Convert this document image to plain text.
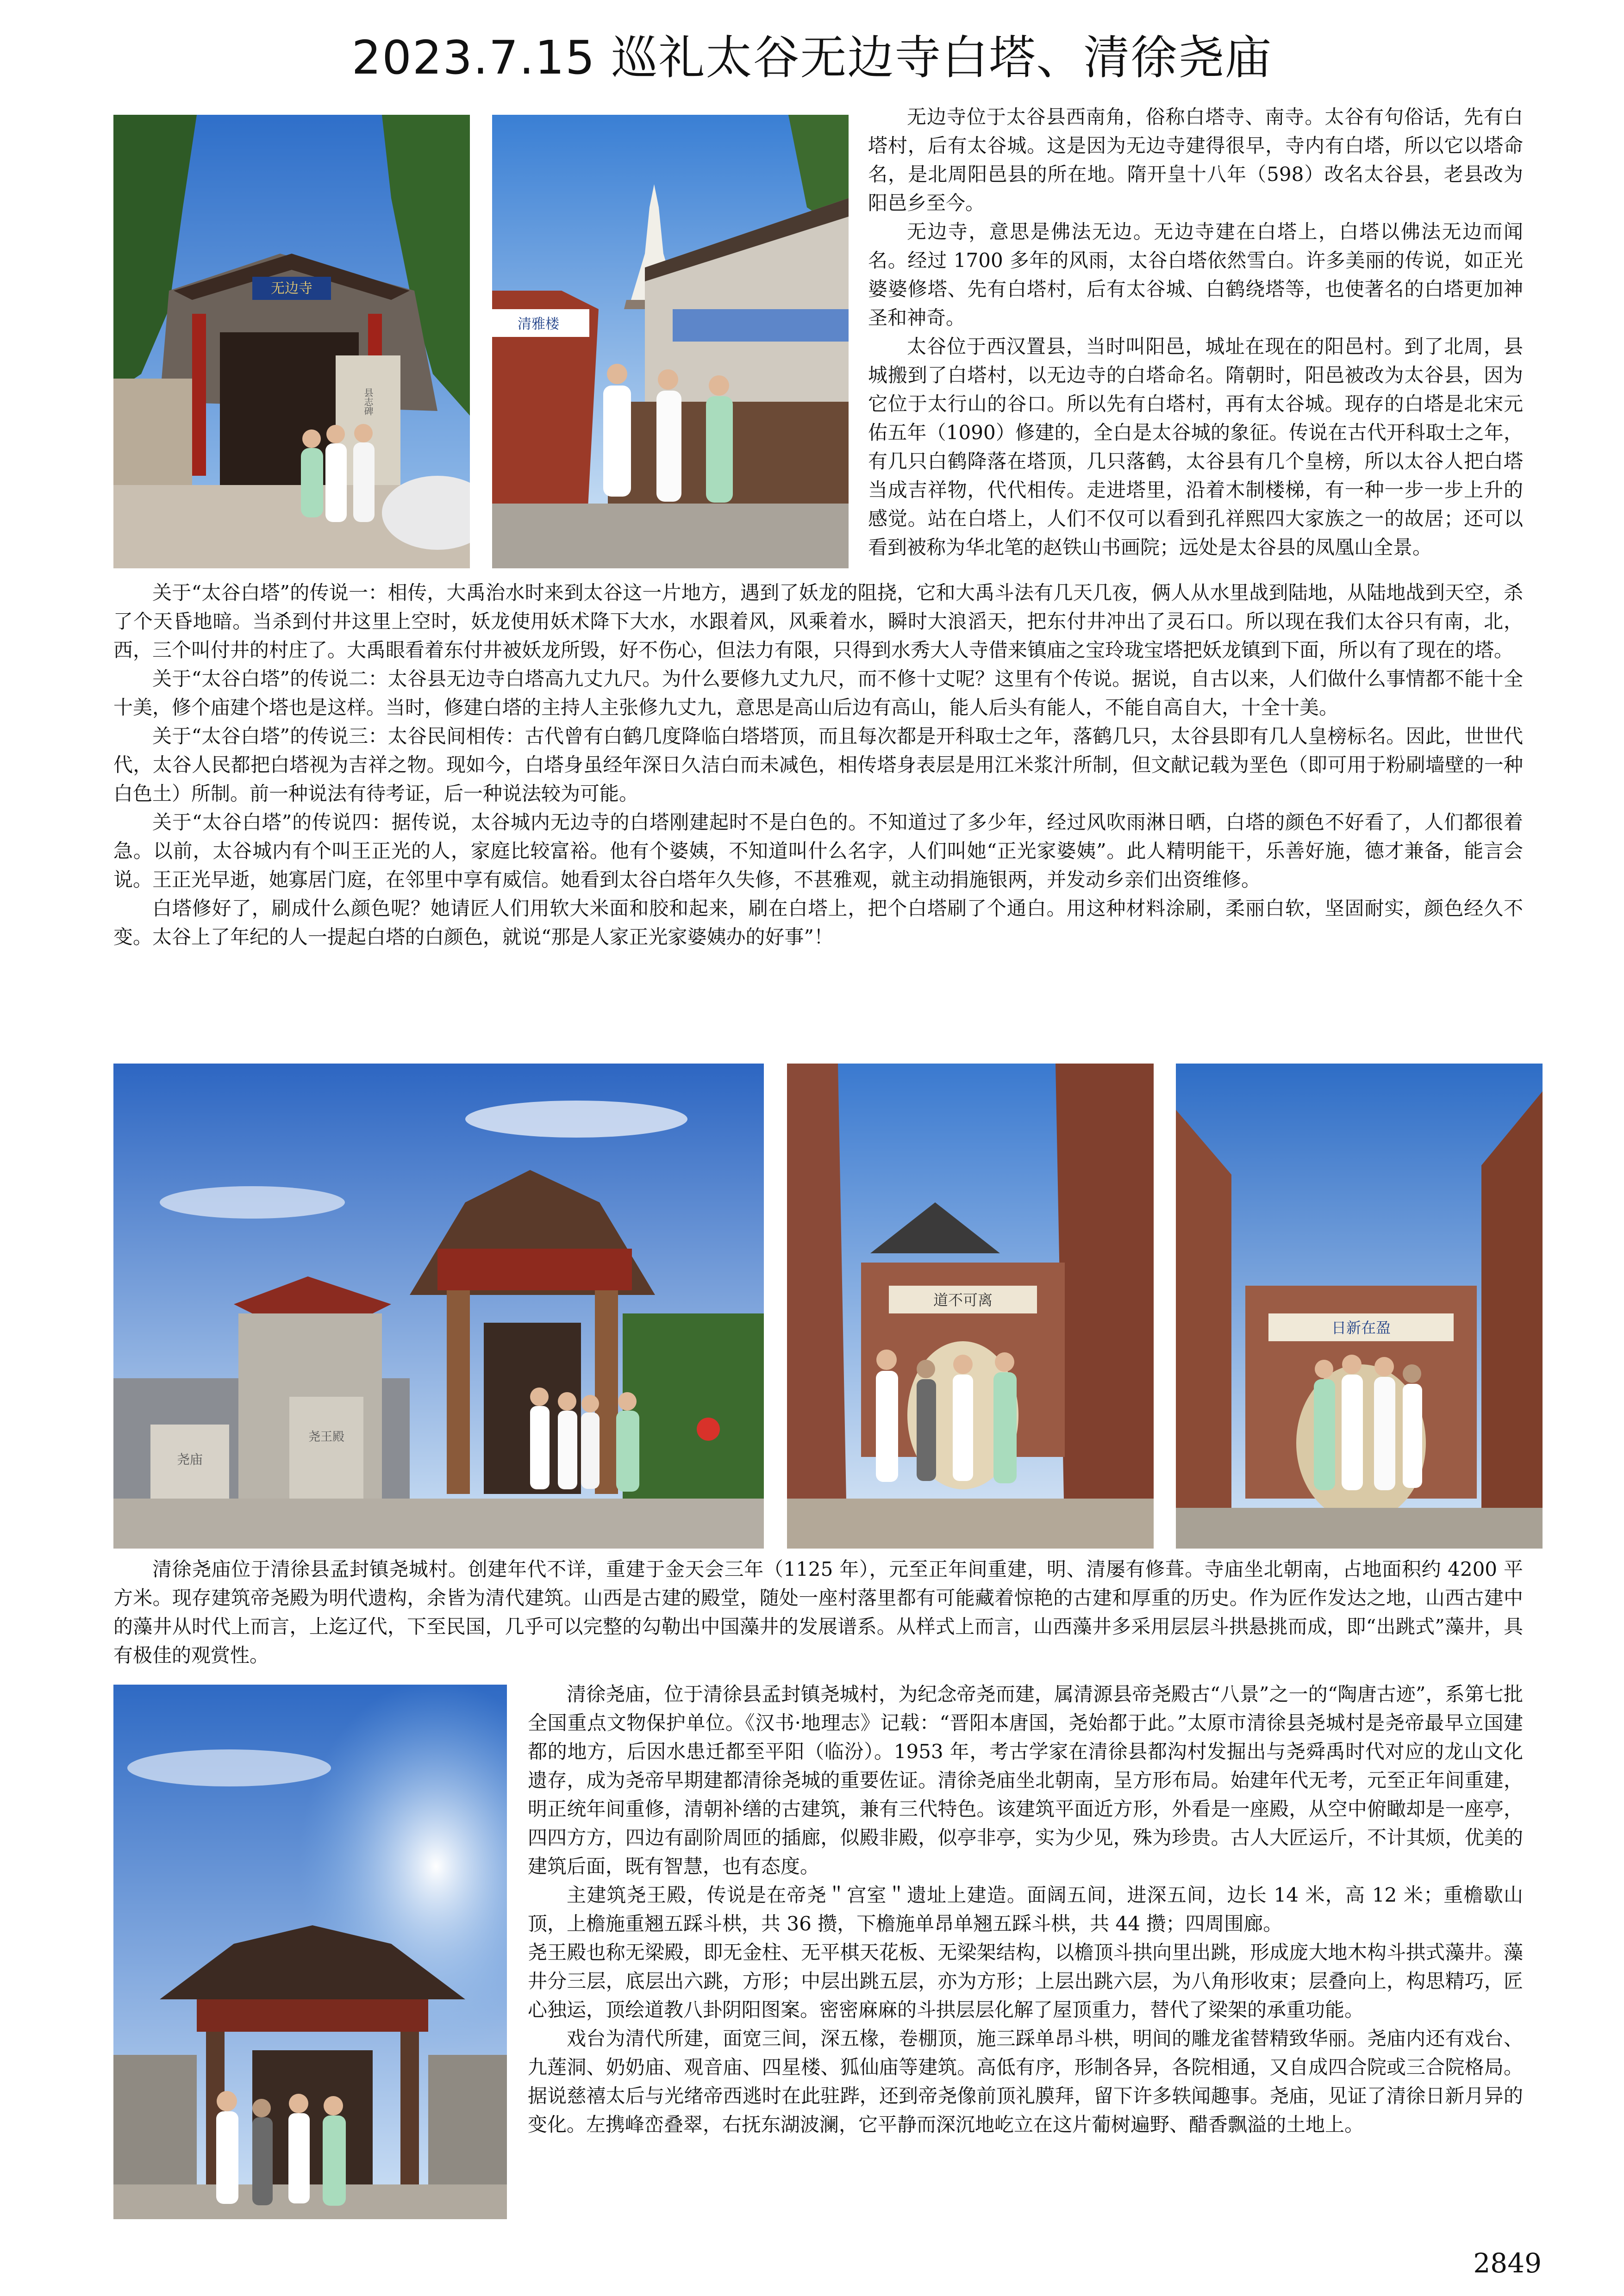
2023.7.15 巡礼太谷无边寺白塔、清徐尧庙
无边寺
县志碑
清雅楼

无边寺位于太谷县西南角，俗称白塔寺、南寺。太谷有句俗话，先有白塔村，后有太谷城。这是因为无边寺建得很早，寺内有白塔，所以它以塔命名，是北周阳邑县的所在地。隋开皇十八年（598）改名太谷县，老县改为阳邑乡至今。

无边寺，意思是佛法无边。无边寺建在白塔上，白塔以佛法无边而闻名。经过 1700 多年的风雨，太谷白塔依然雪白。许多美丽的传说，如正光婆婆修塔、先有白塔村，后有太谷城、白鹤绕塔等，也使著名的白塔更加神圣和神奇。

太谷位于西汉置县，当时叫阳邑，城址在现在的阳邑村。到了北周，县城搬到了白塔村，以无边寺的白塔命名。隋朝时，阳邑被改为太谷县，因为它位于太行山的谷口。所以先有白塔村，再有太谷城。现存的白塔是北宋元佑五年（1090）修建的，全白是太谷城的象征。传说在古代开科取士之年，有几只白鹤降落在塔顶，几只落鹤，太谷县有几个皇榜，所以太谷人把白塔当成吉祥物，代代相传。走进塔里，沿着木制楼梯，有一种一步一步上升的感觉。站在白塔上，人们不仅可以看到孔祥熙四大家族之一的故居；还可以看到被称为华北笔的赵铁山书画院；远处是太谷县的凤凰山全景。

关于“太谷白塔”的传说一：相传，大禹治水时来到太谷这一片地方，遇到了妖龙的阻挠，它和大禹斗法有几天几夜，俩人从水里战到陆地，从陆地战到天空，杀了个天昏地暗。当杀到付井这里上空时，妖龙使用妖术降下大水，水跟着风，风乘着水，瞬时大浪滔天，把东付井冲出了灵石口。所以现在我们太谷只有南，北，西，三个叫付井的村庄了。大禹眼看着东付井被妖龙所毁，好不伤心，但法力有限，只得到水秀大人寺借来镇庙之宝玲珑宝塔把妖龙镇到下面，所以有了现在的塔。

关于“太谷白塔”的传说二：太谷县无边寺白塔高九丈九尺。为什么要修九丈九尺，而不修十丈呢？这里有个传说。据说，自古以来，人们做什么事情都不能十全十美，修个庙建个塔也是这样。当时，修建白塔的主持人主张修九丈九，意思是高山后边有高山，能人后头有能人，不能自高自大，十全十美。

关于“太谷白塔”的传说三：太谷民间相传：古代曾有白鹤几度降临白塔塔顶，而且每次都是开科取士之年，落鹤几只，太谷县即有几人皇榜标名。因此，世世代代，太谷人民都把白塔视为吉祥之物。现如今，白塔身虽经年深日久洁白而未减色，相传塔身表层是用江米浆汁所制，但文献记载为垩色（即可用于粉刷墙壁的一种白色土）所制。前一种说法有待考证，后一种说法较为可能。

关于“太谷白塔”的传说四：据传说，太谷城内无边寺的白塔刚建起时不是白色的。不知道过了多少年，经过风吹雨淋日晒，白塔的颜色不好看了，人们都很着急。以前，太谷城内有个叫王正光的人，家庭比较富裕。他有个婆姨，不知道叫什么名字，人们叫她“正光家婆姨”。此人精明能干，乐善好施，德才兼备，能言会说。王正光早逝，她寡居门庭，在邻里中享有威信。她看到太谷白塔年久失修，不甚雅观，就主动捐施银两，并发动乡亲们出资维修。

白塔修好了，刷成什么颜色呢？她请匠人们用软大米面和胶和起来，刷在白塔上，把个白塔刷了个通白。用这种材料涂刷，柔丽白软，坚固耐实，颜色经久不变。太谷上了年纪的人一提起白塔的白颜色，就说“那是人家正光家婆姨办的好事”！

尧庙
尧王殿
道不可离
日新在盈

清徐尧庙位于清徐县孟封镇尧城村。创建年代不详，重建于金天会三年（1125 年），元至正年间重建，明、清屡有修葺。寺庙坐北朝南，占地面积约 4200 平方米。现存建筑帝尧殿为明代遗构，余皆为清代建筑。山西是古建的殿堂，随处一座村落里都有可能藏着惊艳的古建和厚重的历史。作为匠作发达之地，山西古建中的藻井从时代上而言，上迄辽代，下至民国，几乎可以完整的勾勒出中国藻井的发展谱系。从样式上而言，山西藻井多采用层层斗拱悬挑而成，即“出跳式”藻井，具有极佳的观赏性。

清徐尧庙，位于清徐县孟封镇尧城村，为纪念帝尧而建，属清源县帝尧殿古“八景”之一的“陶唐古迹”，系第七批全国重点文物保护单位。《汉书·地理志》记载：“晋阳本唐国，尧始都于此。”太原市清徐县尧城村是尧帝最早立国建都的地方，后因水患迁都至平阳（临汾）。1953 年，考古学家在清徐县都沟村发掘出与尧舜禹时代对应的龙山文化遗存，成为尧帝早期建都清徐尧城的重要佐证。清徐尧庙坐北朝南，呈方形布局。始建年代无考，元至正年间重建，明正统年间重修，清朝补缮的古建筑，兼有三代特色。该建筑平面近方形，外看是一座殿，从空中俯瞰却是一座亭，四四方方，四边有副阶周匝的插廊，似殿非殿，似亭非亭，实为少见，殊为珍贵。古人大匠运斤，不计其烦，优美的建筑后面，既有智慧，也有态度。

主建筑尧王殿，传说是在帝尧＂宫室＂遗址上建造。面阔五间，进深五间，边长 14 米，高 12 米；重檐歇山顶，上檐施重翘五踩斗栱，共 36 攒，下檐施单昂单翘五踩斗栱，共 44 攒；四周围廊。

尧王殿也称无梁殿，即无金柱、无平棋天花板、无梁架结构，以檐顶斗拱向里出跳，形成庞大地木构斗拱式藻井。藻井分三层，底层出六跳，方形；中层出跳五层，亦为方形；上层出跳六层，为八角形收束；层叠向上，构思精巧，匠心独运，顶绘道教八卦阴阳图案。密密麻麻的斗拱层层化解了屋顶重力，替代了梁架的承重功能。

戏台为清代所建，面宽三间，深五椽，卷棚顶，施三踩单昂斗栱，明间的雕龙雀替精致华丽。尧庙内还有戏台、九莲洞、奶奶庙、观音庙、四星楼、狐仙庙等建筑。高低有序，形制各异，各院相通，又自成四合院或三合院格局。据说慈禧太后与光绪帝西逃时在此驻跸，还到帝尧像前顶礼膜拜，留下许多轶闻趣事。尧庙，见证了清徐日新月异的变化。左携峰峦叠翠，右抚东湖波澜，它平静而深沉地屹立在这片葡树遍野、醋香飘溢的土地上。

2849
